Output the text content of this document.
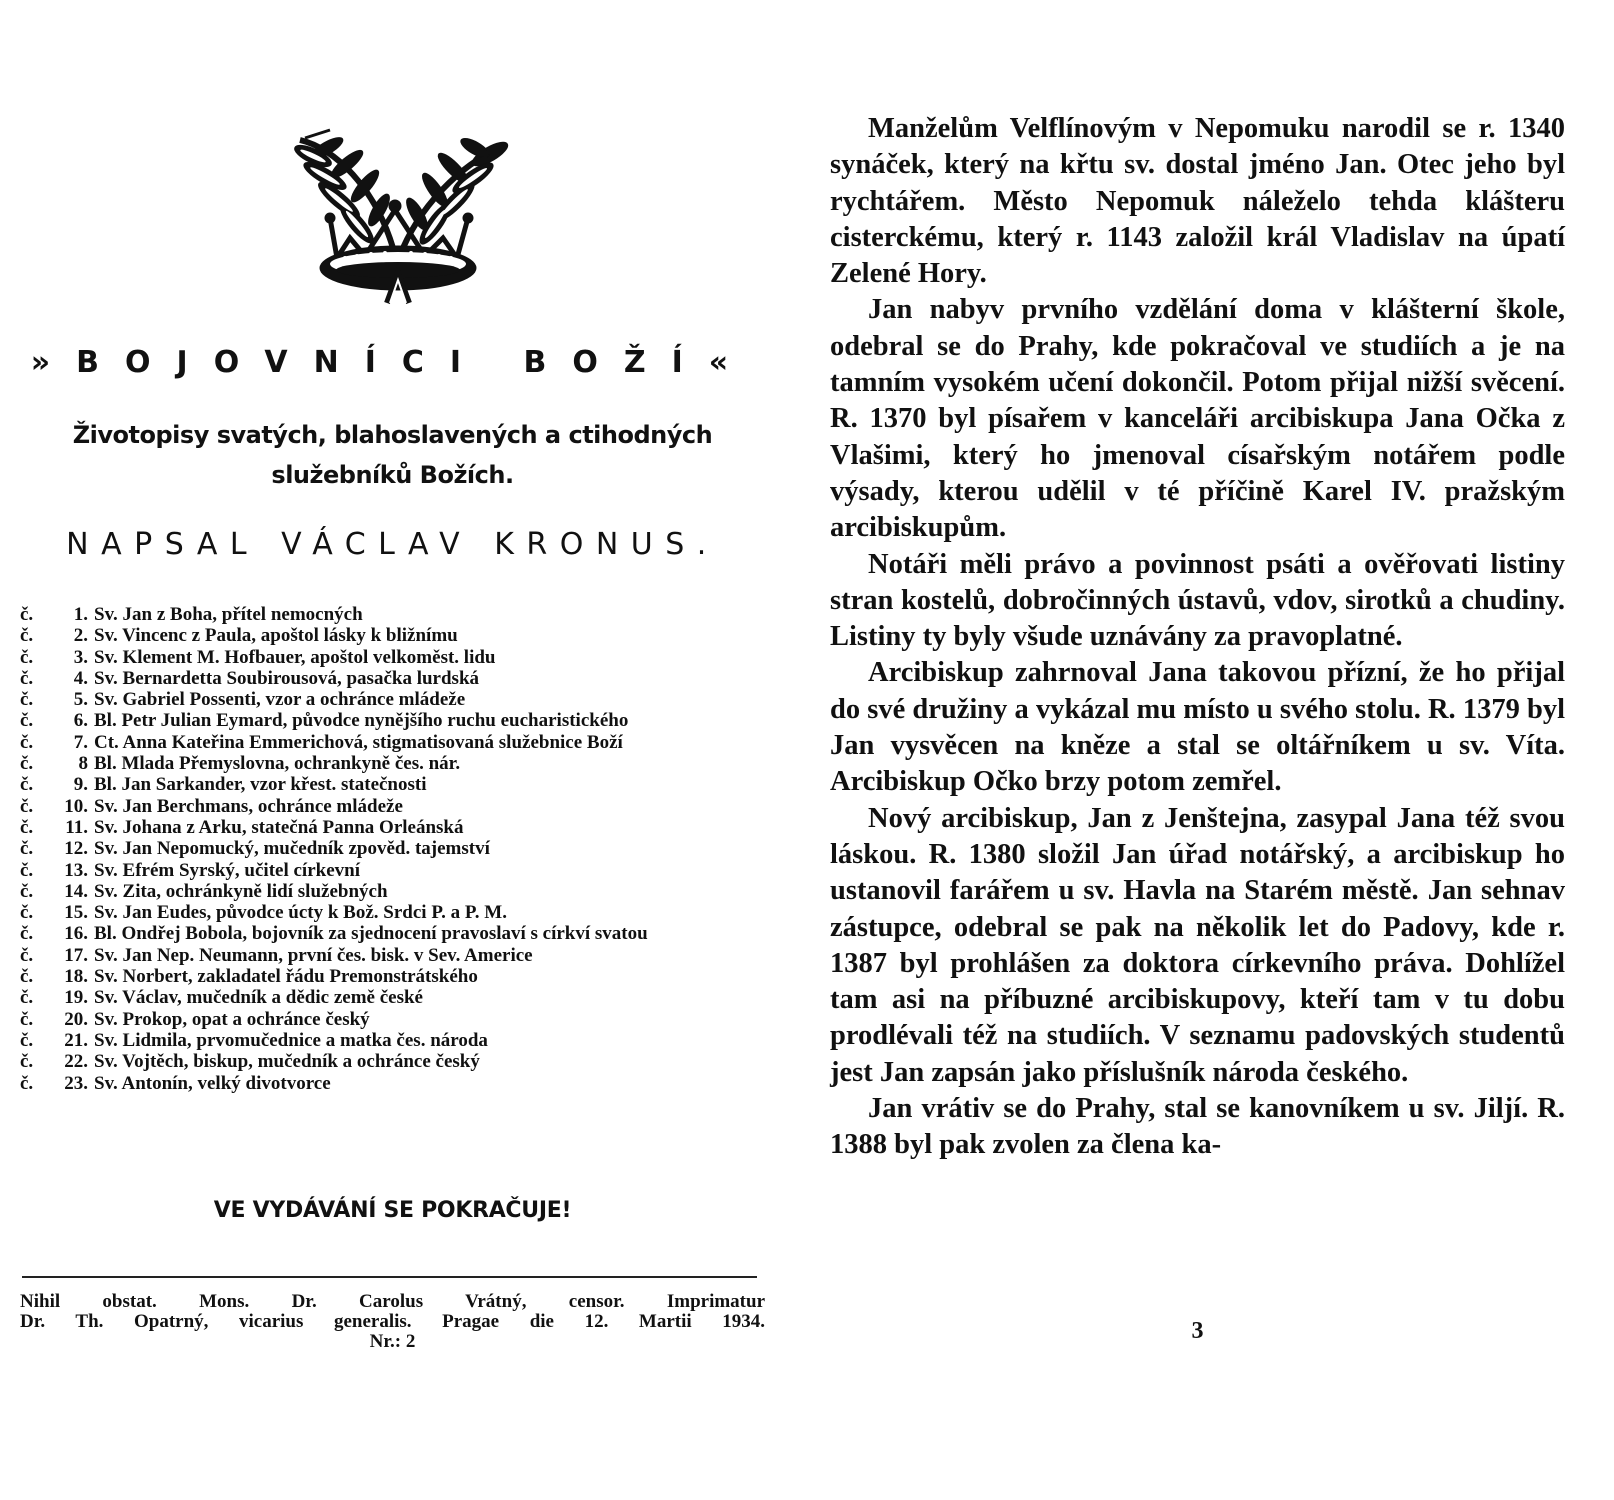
»BOJOVNÍCI BOŽÍ«
Životopisy svatých, blahoslavených a ctihodných
služebníků Božích.
NAPSAL VÁCLAV KRONUS.
č.	1. Sv. Jan z Boha, přítel nemocných
č.	2. Sv. Vincenc z Paula, apoštol lásky k bližnímu
č.	3. Sv. Klement M. Hofbauer, apoštol velkoměst. lidu
č.	4. Sv. Bernardetta Soubirousová, pasačka lurdská
č.	5. Sv. Gabriel Possenti, vzor a ochránce mládeže
č.	6. Bl. Petr Julian Eymard, původce nynějšího ruchu eucharistického
č.	7. Ct. Anna Kateřina Emmerichová, stigmatisovaná služebnice Boží
č.	8 Bl. Mlada Přemyslovna, ochrankyně čes. nár.
č.	9. Bl. Jan Sarkander, vzor křest. statečnosti
č.	10. Sv. Jan Berchmans, ochránce mládeže
č.	11. Sv. Johana z Arku, statečná Panna Orleánská
č.	12. Sv. Jan Nepomucký, mučedník zpověd. tajemství
č.	13. Sv. Efrém Syrský, učitel církevní
č.	14. Sv. Zita, ochránkyně lidí služebných
č.	15. Sv. Jan Eudes, původce úcty k Bož. Srdci P. a P. M.
č.	16. Bl. Ondřej Bobola, bojovník za sjednocení pravoslaví s církví svatou
č.	17. Sv. Jan Nep. Neumann, první čes. bisk. v Sev. Americe
č.	18. Sv. Norbert, zakladatel řádu Premonstrátského
č.	19. Sv. Václav, mučedník a dědic země české
č.	20. Sv. Prokop, opat a ochránce český
č.	21. Sv. Lidmila, prvomučednice a matka čes. národa
č.	22. Sv. Vojtěch, biskup, mučedník a ochránce český
č.	23. Sv. Antonín, velký divotvorce
VE VYDÁVÁNÍ SE POKRAČUJE!
Nihil obstat. Mons. Dr. Carolus Vrátný, censor. Imprimatur
Dr. Th. Opatrný, vicarius generalis. Pragae die 12. Martii 1934.
Nr.: 2

Manželům Velflínovým v Nepomuku narodil se r. 1340 synáček, který na křtu sv. dostal jméno Jan. Otec jeho byl rychtářem. Město Nepomuk náleželo tehda klášteru cisterckému, který r. 1143 založil král Vladislav na úpatí Zelené Hory.

Jan nabyv prvního vzdělání doma v klášterní škole, odebral se do Prahy, kde pokračoval ve studiích a je na tamním vysokém učení dokončil. Potom přijal nižší svěcení. R. 1370 byl písařem v kanceláři arcibiskupa Jana Očka z Vlašimi, který ho jmenoval císařským notářem podle výsady, kterou udělil v té příčině Karel IV. pražským arcibiskupům.

Notáři měli právo a povinnost psáti a ověřovati listiny stran kostelů, dobročinných ústavů, vdov, sirotků a chudiny. Listiny ty byly všude uznávány za pravoplatné.

Arcibiskup zahrnoval Jana takovou přízní, že ho přijal do své družiny a vykázal mu místo u svého stolu. R. 1379 byl Jan vysvěcen na kněze a stal se oltářníkem u sv. Víta. Arcibiskup Očko brzy potom zemřel.

Nový arcibiskup, Jan z Jenštejna, zasypal Jana též svou láskou. R. 1380 složil Jan úřad notářský, a arcibiskup ho ustanovil farářem u sv. Havla na Starém městě. Jan sehnav zástupce, odebral se pak na několik let do Padovy, kde r. 1387 byl prohlášen za doktora církevního práva. Dohlížel tam asi na příbuzné arcibiskupovy, kteří tam v tu dobu prodlévali též na studiích. V seznamu padovských studentů jest Jan zapsán jako příslušník národa českého.

Jan vrátiv se do Prahy, stal se kanovníkem u sv. Jiljí. R. 1388 byl pak zvolen za člena ka-

3
